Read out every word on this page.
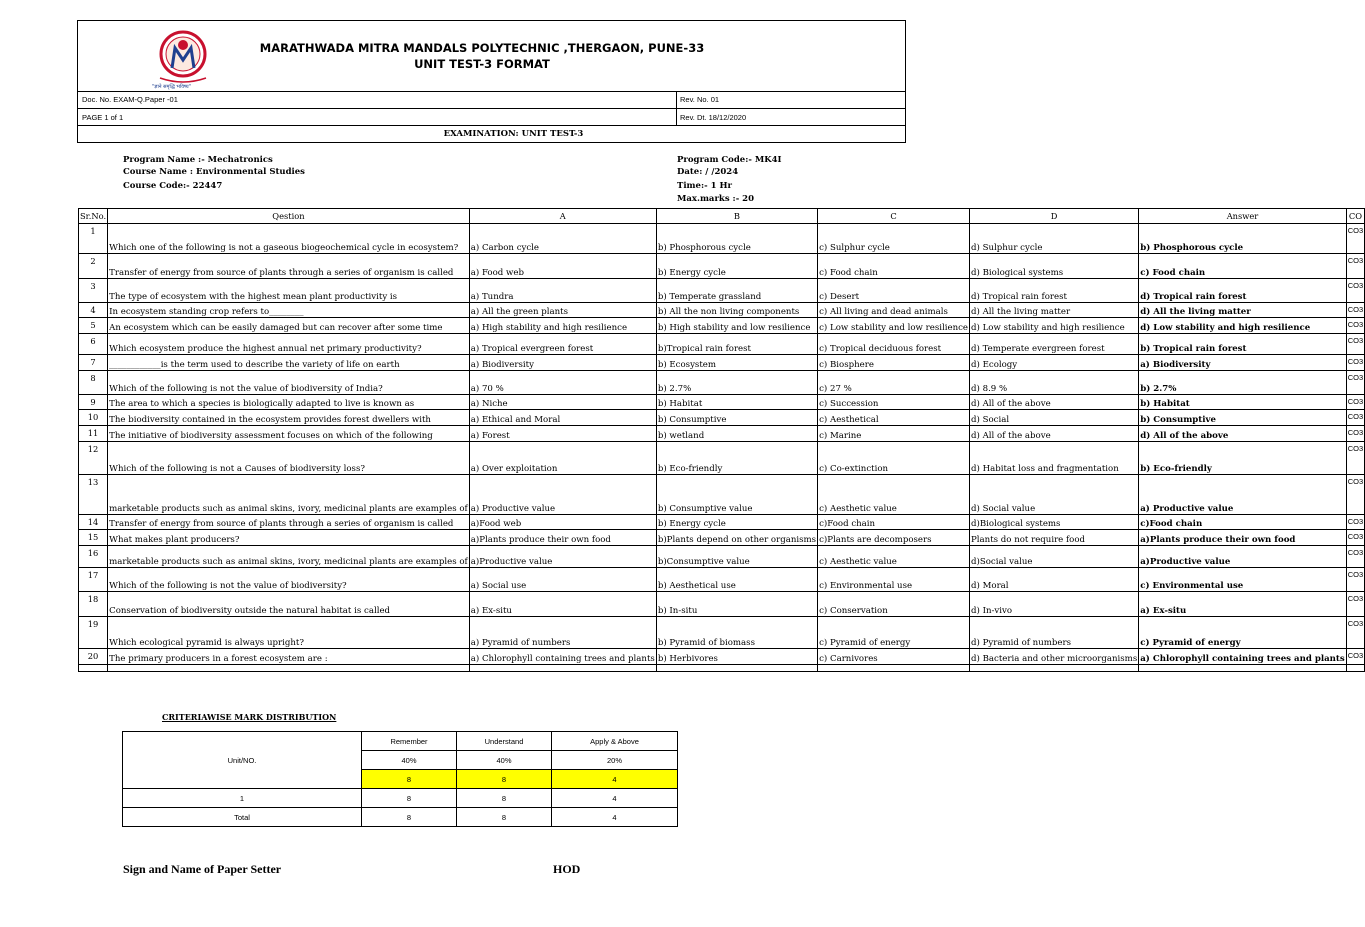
"ज्ञाने समृद्धि भविष्य"
MARATHWADA MITRA MANDALS POLYTECHNIC ,THERGAON, PUNE-33
UNIT TEST-3 FORMAT
Doc. No. EXAM-Q.Paper -01	Rev. No. 01
PAGE 1 of 1	Rev. Dt. 18/12/2020
EXAMINATION: UNIT TEST-3
Program Name :- Mechatronics
Course Name : Environmental Studies
Course Code:- 22447
Program Code:- MK4I
Date: / /2024
Time:- 1 Hr
Max.marks :- 20
Sr.No.	Qestion	A	B	C	D	Answer	CO
1	Which one of the following is not a gaseous biogeochemical cycle in ecosystem?	a) Carbon cycle	b) Phosphorous cycle	c) Sulphur cycle	d) Sulphur cycle	b) Phosphorous cycle	CO3
2	Transfer of energy from source of plants through a series of organism is called	a) Food web	b) Energy cycle	c) Food chain	d) Biological systems	c) Food chain	CO3
3	The type of ecosystem with the highest mean plant productivity is	a) Tundra	b) Temperate grassland	c) Desert	d) Tropical rain forest	d) Tropical rain forest	CO3
4	In ecosystem standing crop refers to________	a) All the green plants	b) All the non living components	c) All living and dead animals	d) All the living matter	d) All the living matter	CO3
5	An ecosystem which can be easily damaged but can recover after some time	a) High stability and high resilience	b) High stability and low resilience	c) Low stability and low resilience	d) Low stability and high resilience	d) Low stability and high resilience	CO3
6	Which ecosystem produce the highest annual net primary productivity?	a) Tropical evergreen forest	b)Tropical rain forest	c) Tropical deciduous forest	d) Temperate evergreen forest	b) Tropical rain forest	CO3
7	____________is the term used to describe the variety of life on earth	a) Biodiversity	b) Ecosystem	c) Biosphere	d) Ecology	a) Biodiversity	CO3
8	Which of the following is not the value of biodiversity of India?	a) 70 %	b) 2.7%	c) 27 %	d) 8.9 %	b) 2.7%	CO3
9	The area to which a species is biologically adapted to live is known as	a) Niche	b) Habitat	c) Succession	d) All of the above	b) Habitat	CO3
10	The biodiversity contained in the ecosystem provides forest dwellers with	a) Ethical and Moral	b) Consumptive	c) Aesthetical	d) Social	b) Consumptive	CO3
11	The initiative of biodiversity assessment focuses on which of the following	a) Forest	b) wetland	c) Marine	d) All of the above	d) All of the above	CO3
12	Which of the following is not a Causes of biodiversity loss?	a) Over exploitation	b) Eco-friendly	c) Co-extinction	d) Habitat loss and fragmentation	b) Eco-friendly	CO3
13	marketable products such as animal skins, ivory, medicinal plants are examples of	a) Productive value	b) Consumptive value	c) Aesthetic value	d) Social value	a) Productive value	CO3
14	Transfer of energy from source of plants through a series of organism is called	a)Food web	b) Energy cycle	c)Food chain	d)Biological systems	c)Food chain	CO3
15	What makes plant producers?	a)Plants produce their own food	b)Plants depend on other organisms	c)Plants are decomposers	Plants do not require food	a)Plants produce their own food	CO3
16	marketable products such as animal skins, ivory, medicinal plants are examples of	a)Productive value	b)Consumptive value	c) Aesthetic value	d)Social value	a)Productive value	CO3
17	Which of the following is not the value of biodiversity?	a) Social use	b) Aesthetical use	c) Environmental use	d) Moral	c) Environmental use	CO3
18	Conservation of biodiversity outside the natural habitat is called	a) Ex-situ	b) In-situ	c) Conservation	d) In-vivo	a) Ex-situ	CO3
19	Which ecological pyramid is always upright?	a) Pyramid of numbers	b) Pyramid of biomass	c) Pyramid of energy	d) Pyramid of numbers	c) Pyramid of energy	CO3
20	The primary producers in a forest ecosystem are :	a) Chlorophyll containing trees and plants	b) Herbivores	c) Carnivores	d) Bacteria and other microorganisms	a) Chlorophyll containing trees and plants	CO3

CRITERIAWISE MARK DISTRIBUTION
Unit/NO.	Remember	Understand	Apply & Above
	40%	40%	20%
	8	8	4
1	8	8	4
Total	8	8	4
Sign and Name of Paper Setter	HOD
